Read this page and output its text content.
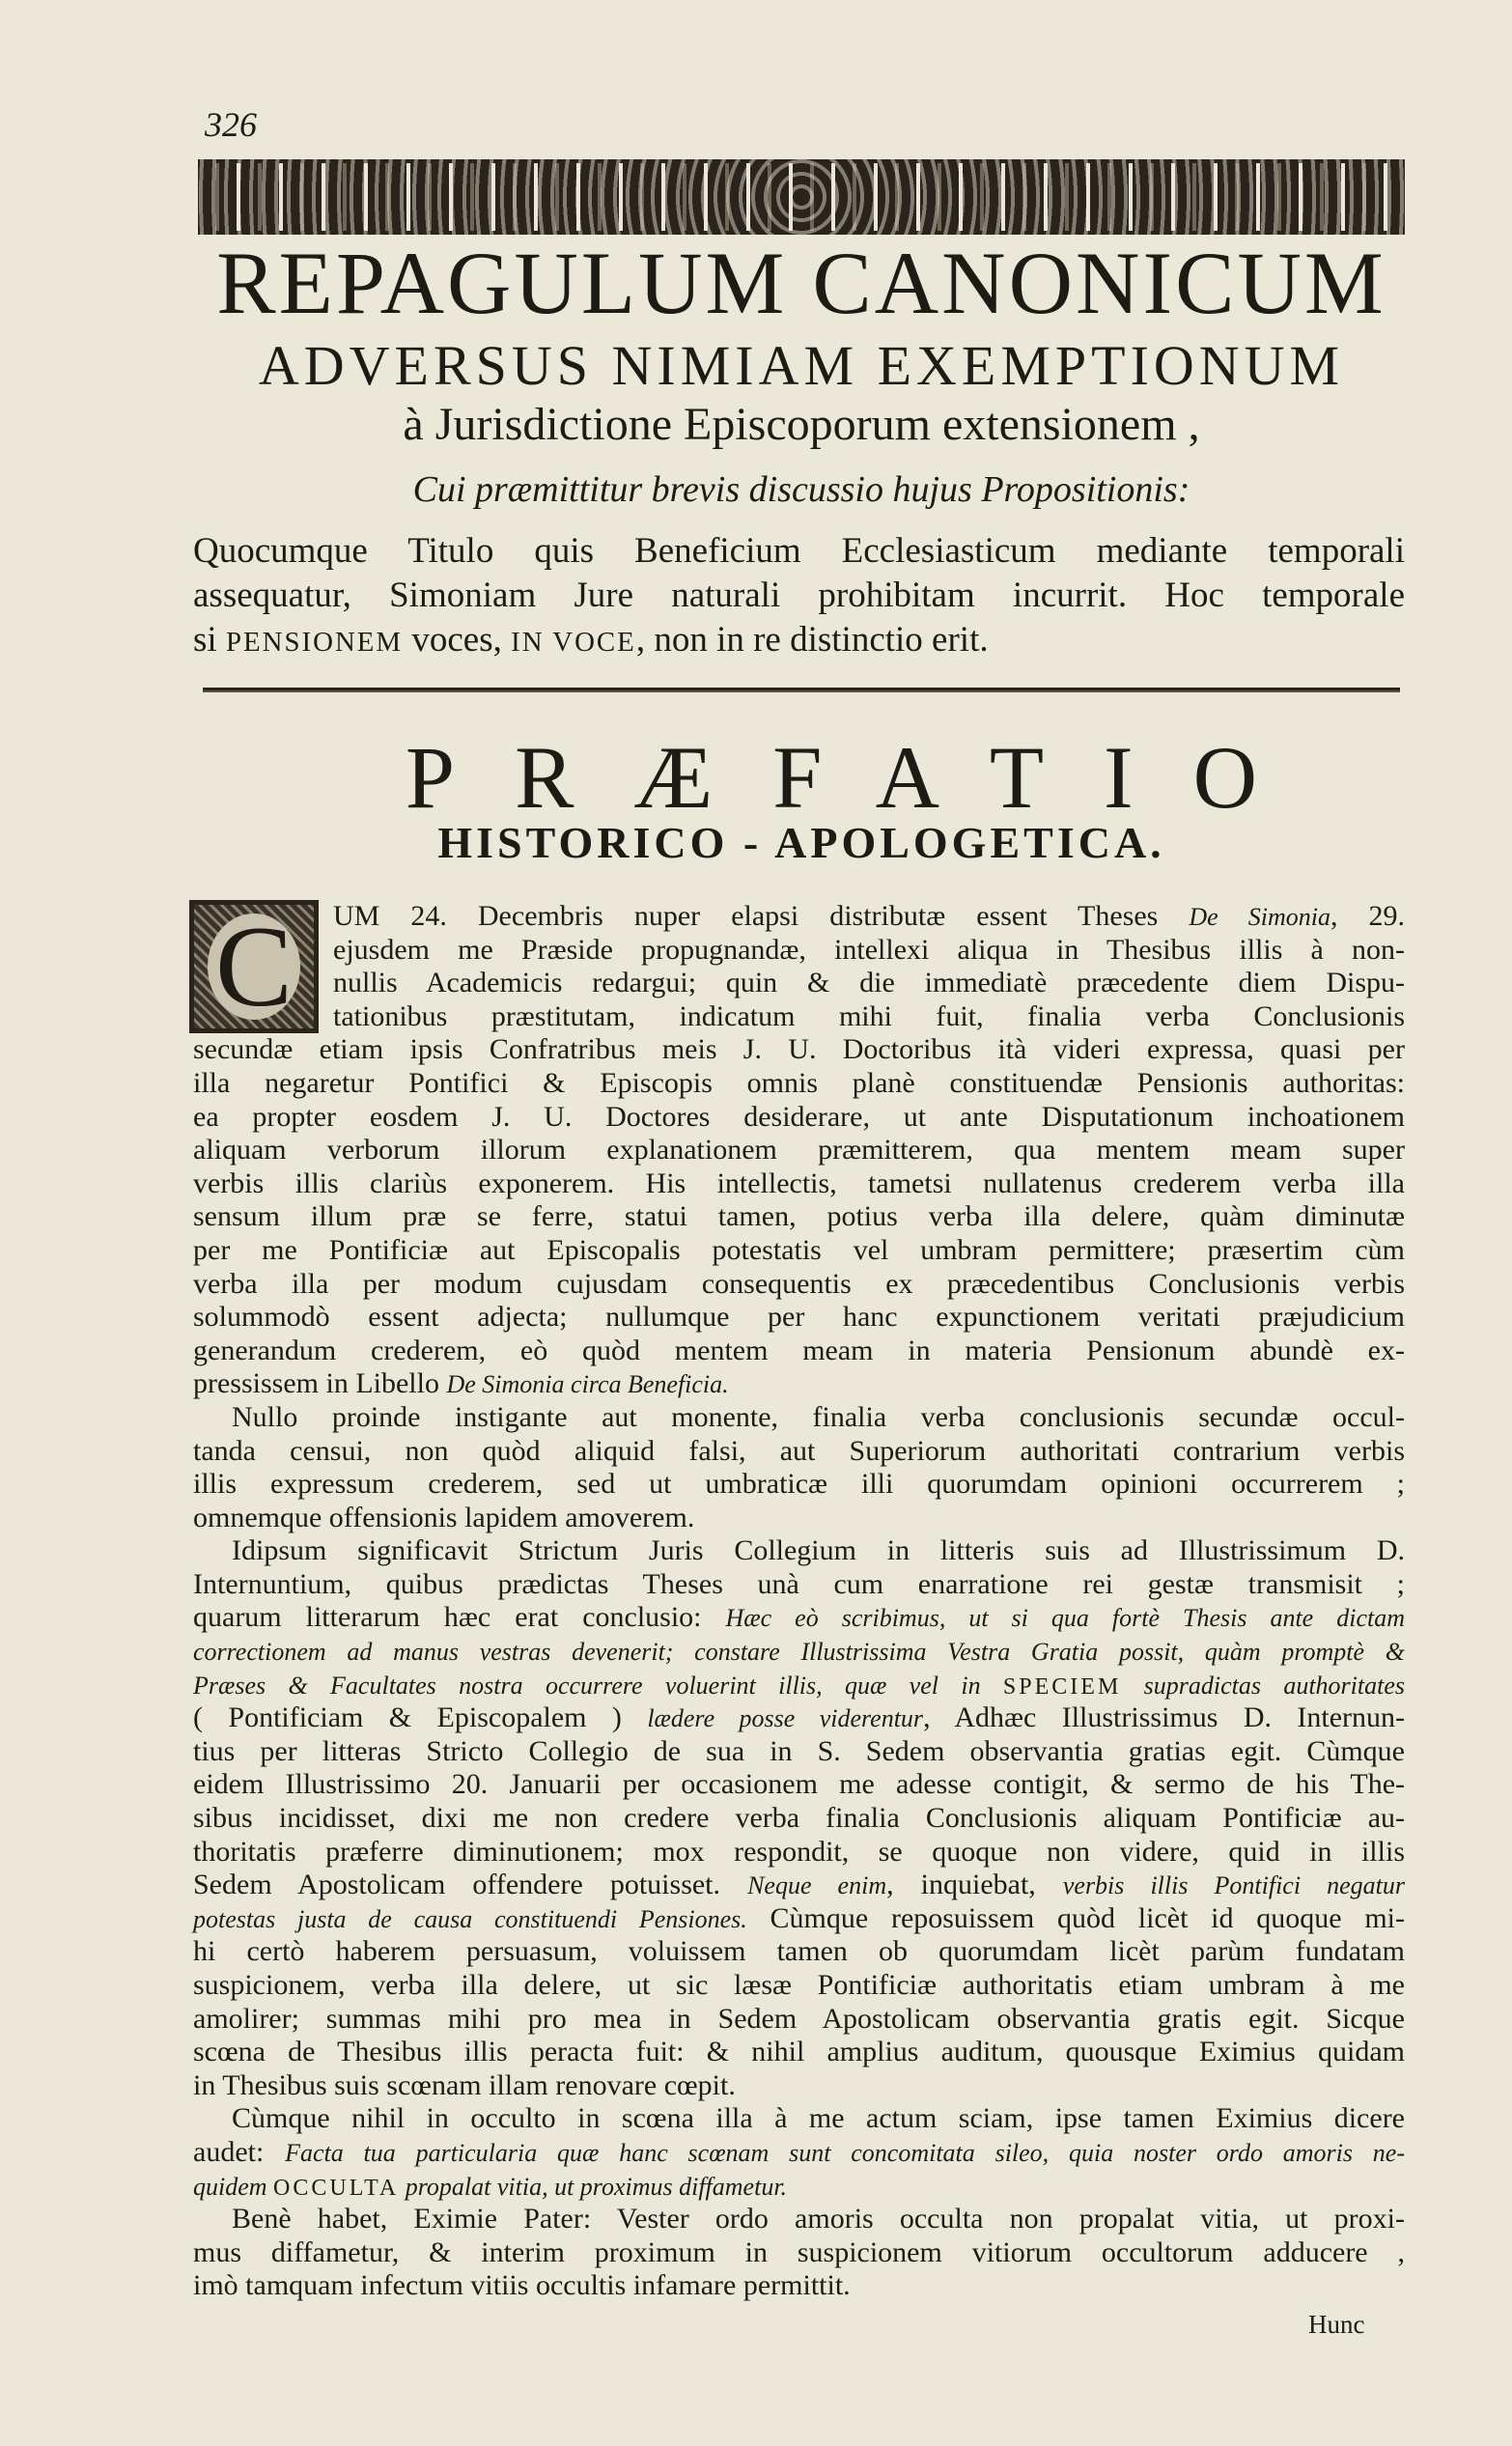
326
REPAGULUM CANONICUM
ADVERSUS NIMIAM EXEMPTIONUM
à Jurisdictione Episcoporum extensionem ,
Cui præmittitur brevis discussio hujus Propositionis:
Quocumque Titulo quis Beneficium Ecclesiasticum mediante temporali
assequatur, Simoniam Jure naturali prohibitam incurrit. Hoc temporale
si PENSIONEM voces, IN VOCE, non in re distinctio erit.
PRÆFATIO
HISTORICO - APOLOGETICA.
C UM 24. Decembris nuper elapsi distributæ essent Theses De Simonia, 29.
ejusdem me Præside propugnandæ, intellexi aliqua in Thesibus illis à non-
nullis Academicis redargui; quin & die immediatè præcedente diem Dispu-
tationibus præstitutam, indicatum mihi fuit, finalia verba Conclusionis
secundæ etiam ipsis Confratribus meis J. U. Doctoribus ità videri expressa, quasi per
illa negaretur Pontifici & Episcopis omnis planè constituendæ Pensionis authoritas:
ea propter eosdem J. U. Doctores desiderare, ut ante Disputationum inchoationem
aliquam verborum illorum explanationem præmitterem, qua mentem meam super
verbis illis clariùs exponerem. His intellectis, tametsi nullatenus crederem verba illa
sensum illum præ se ferre, statui tamen, potius verba illa delere, quàm diminutæ
per me Pontificiæ aut Episcopalis potestatis vel umbram permittere; præsertim cùm
verba illa per modum cujusdam consequentis ex præcedentibus Conclusionis verbis
solummodò essent adjecta; nullumque per hanc expunctionem veritati præjudicium
generandum crederem, eò quòd mentem meam in materia Pensionum abundè ex-
pressissem in Libello De Simonia circa Beneficia.
Nullo proinde instigante aut monente, finalia verba conclusionis secundæ occul-
tanda censui, non quòd aliquid falsi, aut Superiorum authoritati contrarium verbis
illis expressum crederem, sed ut umbraticæ illi quorumdam opinioni occurrerem ;
omnemque offensionis lapidem amoverem.
Idipsum significavit Strictum Juris Collegium in litteris suis ad Illustrissimum D.
Internuntium, quibus prædictas Theses unà cum enarratione rei gestæ transmisit ;
quarum litterarum hæc erat conclusio: Hæc eò scribimus, ut si qua fortè Thesis ante dictam
correctionem ad manus vestras devenerit; constare Illustrissima Vestra Gratia possit, quàm promptè &
Præses & Facultates nostra occurrere voluerint illis, quæ vel in SPECIEM supradictas authoritates
( Pontificiam & Episcopalem ) lædere posse viderentur, Adhæc Illustrissimus D. Internun-
tius per litteras Stricto Collegio de sua in S. Sedem observantia gratias egit. Cùmque
eidem Illustrissimo 20. Januarii per occasionem me adesse contigit, & sermo de his The-
sibus incidisset, dixi me non credere verba finalia Conclusionis aliquam Pontificiæ au-
thoritatis præferre diminutionem; mox respondit, se quoque non videre, quid in illis
Sedem Apostolicam offendere potuisset. Neque enim, inquiebat, verbis illis Pontifici negatur
potestas justa de causa constituendi Pensiones. Cùmque reposuissem quòd licèt id quoque mi-
hi certò haberem persuasum, voluissem tamen ob quorumdam licèt parùm fundatam
suspicionem, verba illa delere, ut sic læsæ Pontificiæ authoritatis etiam umbram à me
amolirer; summas mihi pro mea in Sedem Apostolicam observantia gratis egit. Sicque
scœna de Thesibus illis peracta fuit: & nihil amplius auditum, quousque Eximius quidam
in Thesibus suis scœnam illam renovare cœpit.
Cùmque nihil in occulto in scœna illa à me actum sciam, ipse tamen Eximius dicere
audet: Facta tua particularia quæ hanc scœnam sunt concomitata sileo, quia noster ordo amoris ne-
quidem OCCULTA propalat vitia, ut proximus diffametur.
Benè habet, Eximie Pater: Vester ordo amoris occulta non propalat vitia, ut proxi-
mus diffametur, & interim proximum in suspicionem vitiorum occultorum adducere ,
imò tamquam infectum vitiis occultis infamare permittit.
Hunc
